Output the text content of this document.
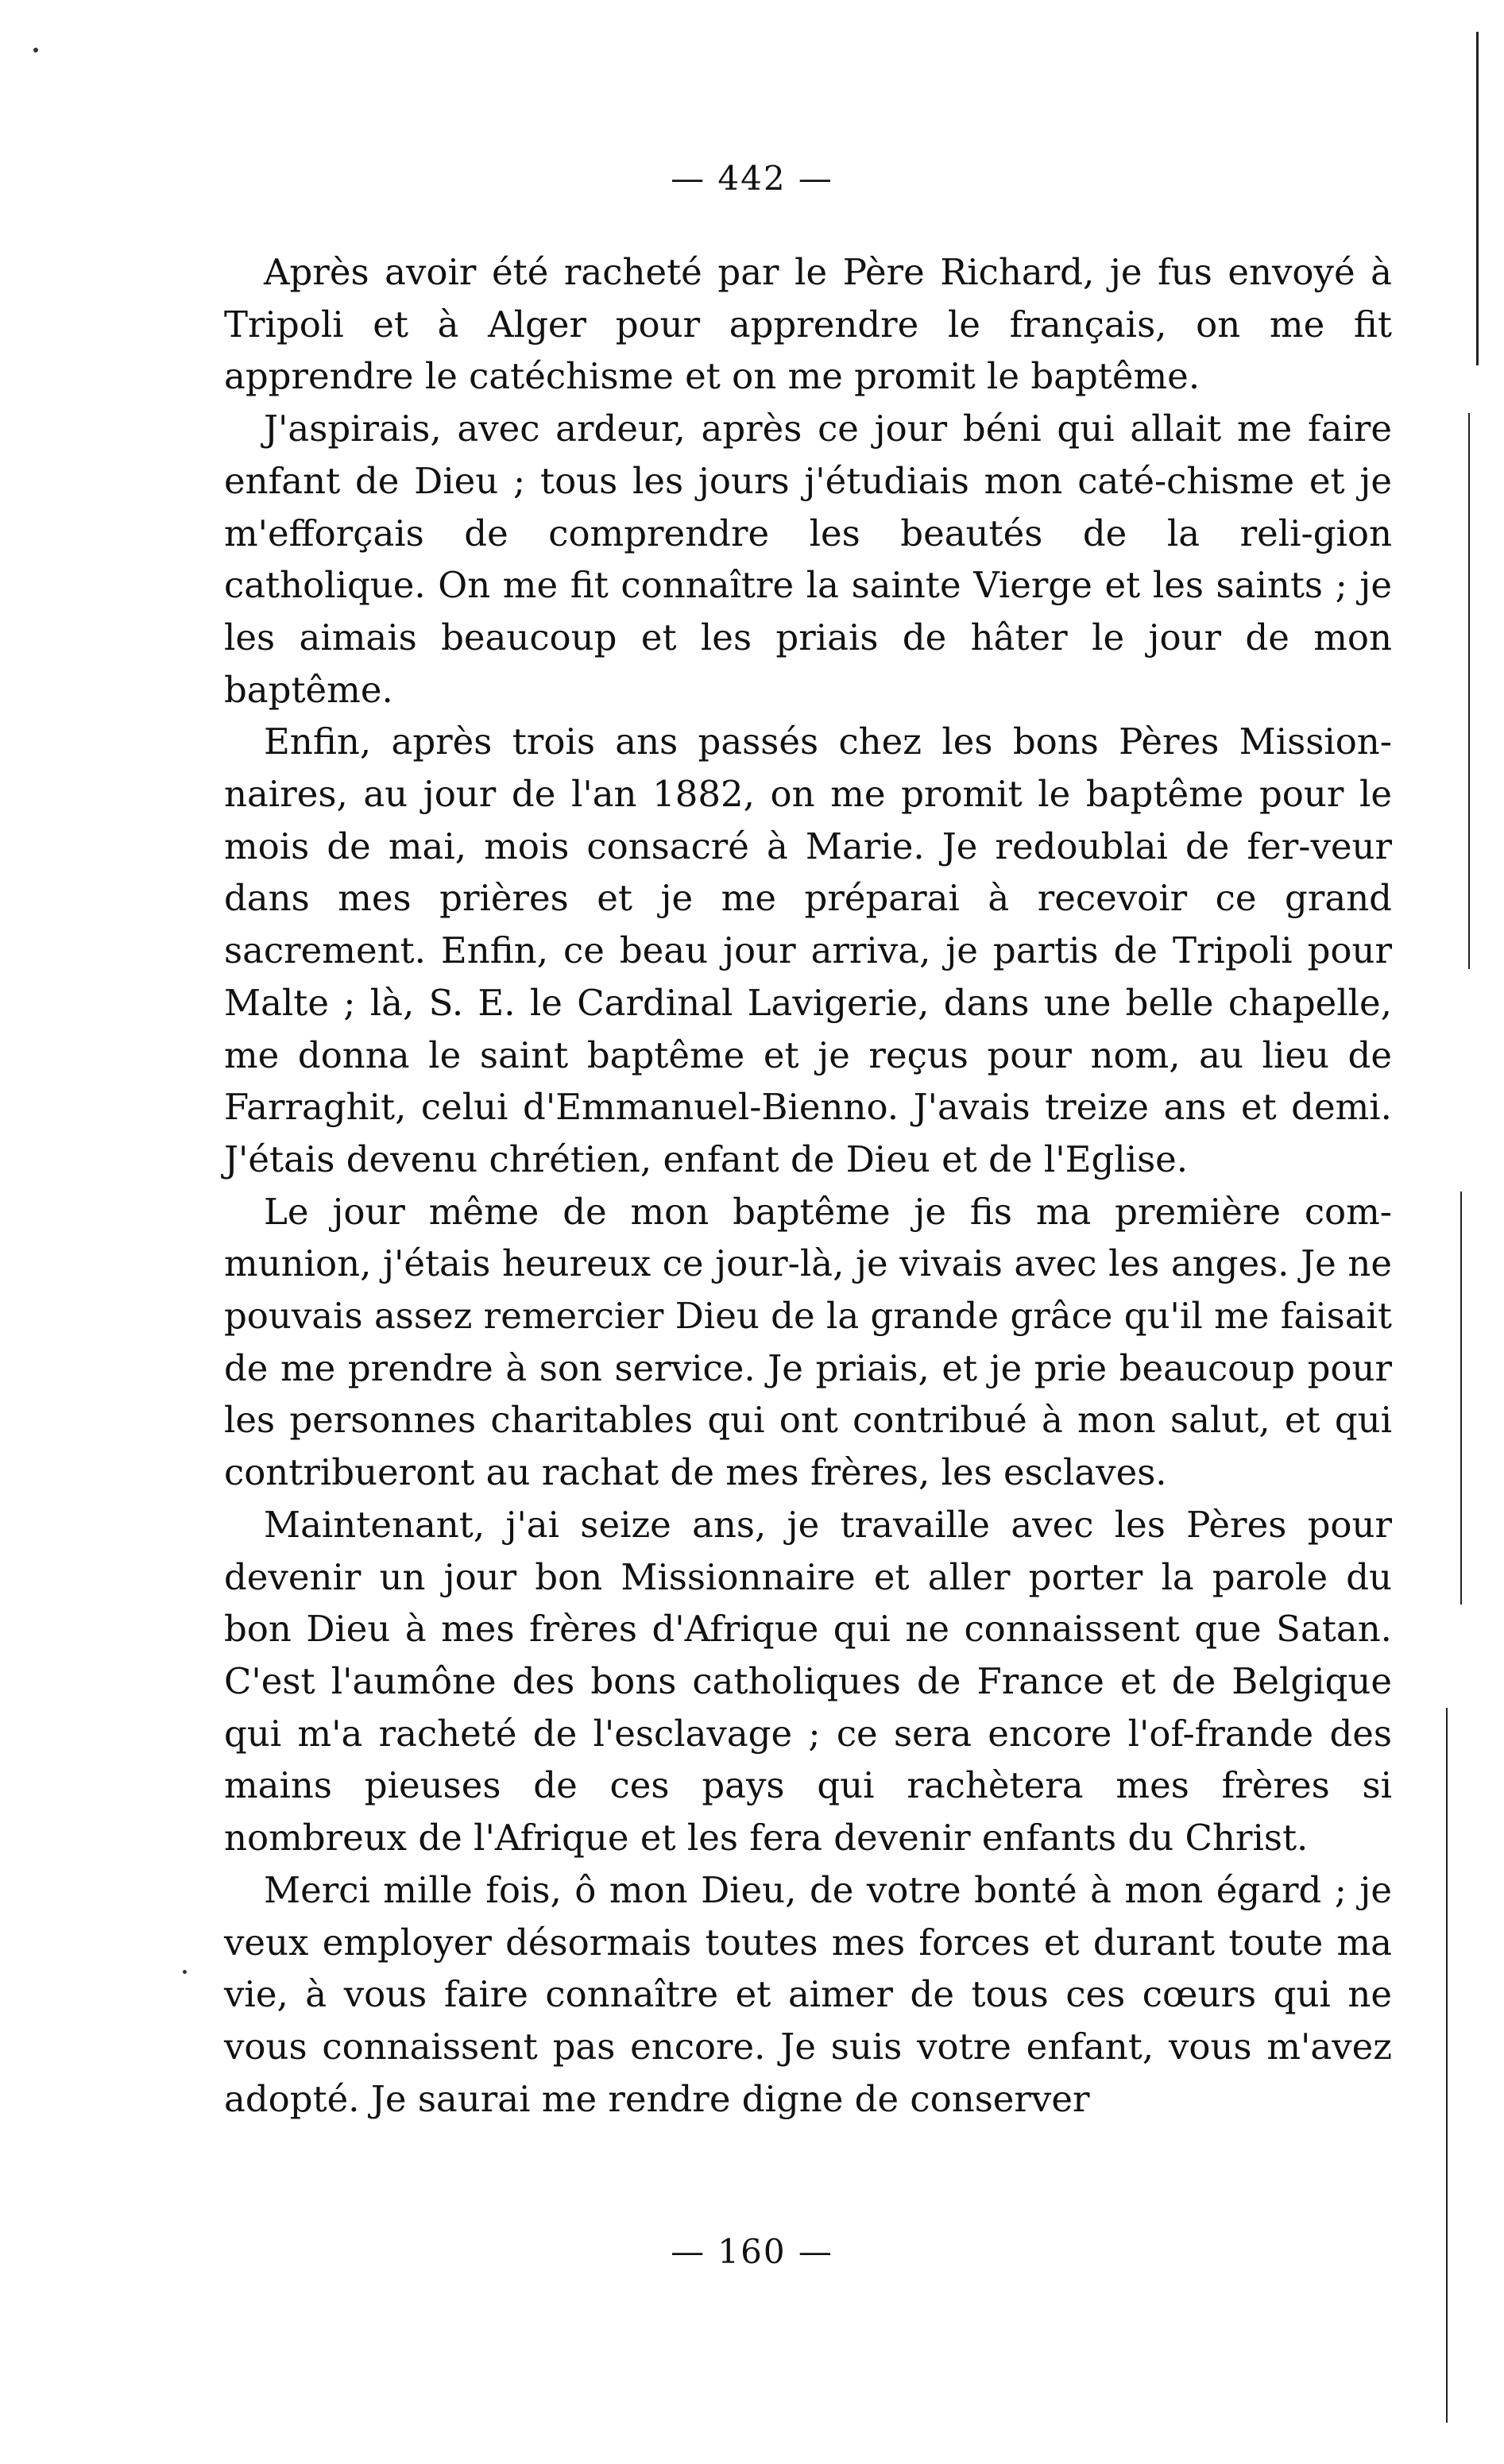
— 442 —

Après avoir été racheté par le Père Richard, je fus envoyé à Tripoli et à Alger pour apprendre le français, on me fit apprendre le catéchisme et on me promit le baptême.

J'aspirais, avec ardeur, après ce jour béni qui allait me faire enfant de Dieu ; tous les jours j'étudiais mon caté-chisme et je m'efforçais de comprendre les beautés de la reli-gion catholique. On me fit connaître la sainte Vierge et les saints ; je les aimais beaucoup et les priais de hâter le jour de mon baptême.

Enfin, après trois ans passés chez les bons Pères Mission-naires, au jour de l'an 1882, on me promit le baptême pour le mois de mai, mois consacré à Marie. Je redoublai de fer-veur dans mes prières et je me préparai à recevoir ce grand sacrement. Enfin, ce beau jour arriva, je partis de Tripoli pour Malte ; là, S. E. le Cardinal Lavigerie, dans une belle chapelle, me donna le saint baptême et je reçus pour nom, au lieu de Farraghit, celui d'Emmanuel-Bienno. J'avais treize ans et demi. J'étais devenu chrétien, enfant de Dieu et de l'Eglise.

Le jour même de mon baptême je fis ma première com-munion, j'étais heureux ce jour-là, je vivais avec les anges. Je ne pouvais assez remercier Dieu de la grande grâce qu'il me faisait de me prendre à son service. Je priais, et je prie beaucoup pour les personnes charitables qui ont contribué à mon salut, et qui contribueront au rachat de mes frères, les esclaves.

Maintenant, j'ai seize ans, je travaille avec les Pères pour devenir un jour bon Missionnaire et aller porter la parole du bon Dieu à mes frères d'Afrique qui ne connaissent que Satan. C'est l'aumône des bons catholiques de France et de Belgique qui m'a racheté de l'esclavage ; ce sera encore l'of-frande des mains pieuses de ces pays qui rachètera mes frères si nombreux de l'Afrique et les fera devenir enfants du Christ.

Merci mille fois, ô mon Dieu, de votre bonté à mon égard ; je veux employer désormais toutes mes forces et durant toute ma vie, à vous faire connaître et aimer de tous ces cœurs qui ne vous connaissent pas encore. Je suis votre enfant, vous m'avez adopté. Je saurai me rendre digne de conserver

— 160 —
